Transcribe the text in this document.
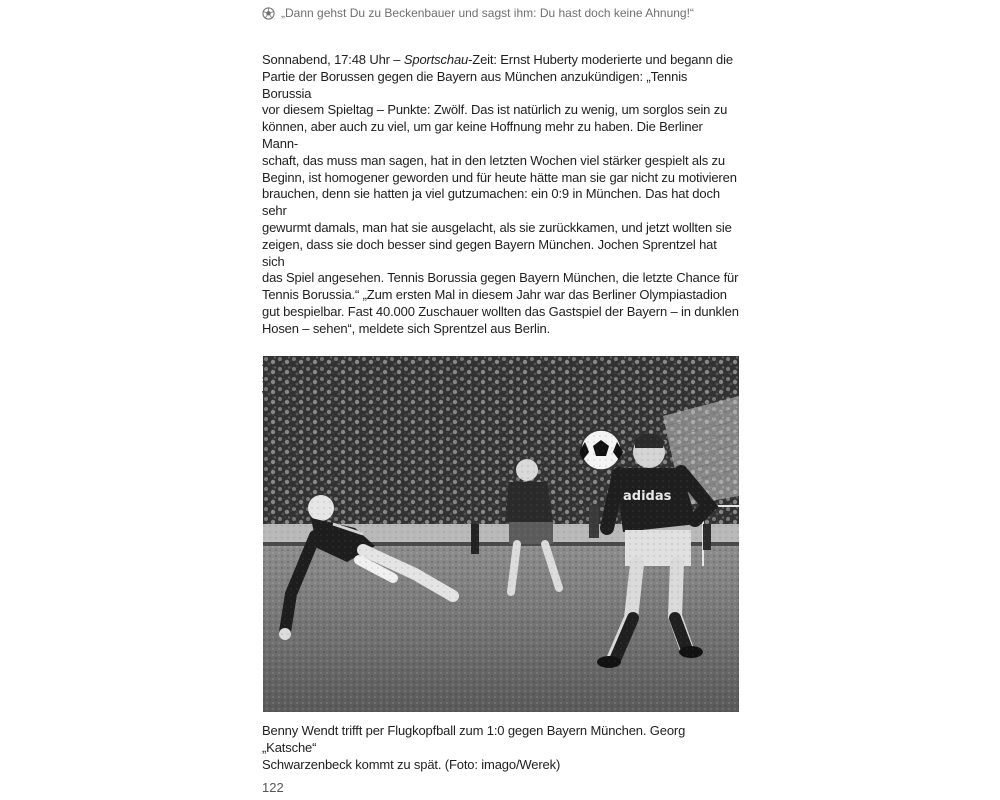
„Dann gehst Du zu Beckenbauer und sagst ihm: Du hast doch keine Ahnung!“

Sonnabend, 17:48 Uhr – Sportschau-Zeit: Ernst Huberty moderierte und begann die
Partie der Borussen gegen die Bayern aus München anzukündigen: „Tennis Borussia
vor diesem Spieltag – Punkte: Zwölf. Das ist natürlich zu wenig, um sorglos sein zu
können, aber auch zu viel, um gar keine Hoffnung mehr zu haben. Die Berliner Mann-
schaft, das muss man sagen, hat in den letzten Wochen viel stärker gespielt als zu
Beginn, ist homogener geworden und für heute hätte man sie gar nicht zu motivieren
brauchen, denn sie hatten ja viel gutzumachen: ein 0:9 in München. Das hat doch sehr
gewurmt damals, man hat sie ausgelacht, als sie zurückkamen, und jetzt wollten sie
zeigen, dass sie doch besser sind gegen Bayern München. Jochen Sprentzel hat sich
das Spiel angesehen. Tennis Borussia gegen Bayern München, die letzte Chance für
Tennis Borussia.“ „Zum ersten Mal in diesem Jahr war das Berliner Olympiastadion
gut bespielbar. Fast 40.000 Zuschauer wollten das Gastspiel der Bayern – in dunklen
Hosen – sehen“, meldete sich Sprentzel aus Berlin.

Benny Wendt trifft per Flugkopfball zum 1:0 gegen Bayern München. Georg „Katsche“
Schwarzenbeck kommt zu spät. (Foto: imago/Werek)
122
